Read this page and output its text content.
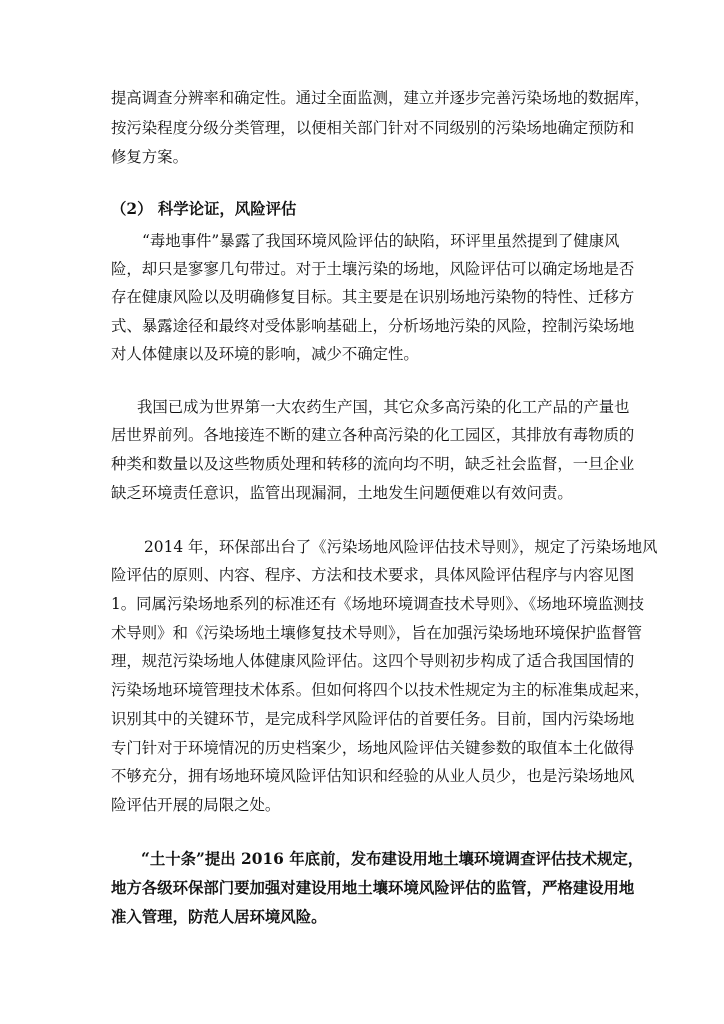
提高调查分辨率和确定性。通过全面监测，建立并逐步完善污染场地的数据库，
按污染程度分级分类管理，以便相关部门针对不同级别的污染场地确定预防和
修复方案。
（2） 科学论证，风险评估
“毒地事件”暴露了我国环境风险评估的缺陷，环评里虽然提到了健康风
险，却只是寥寥几句带过。对于土壤污染的场地，风险评估可以确定场地是否
存在健康风险以及明确修复目标。其主要是在识别场地污染物的特性、迁移方
式、暴露途径和最终对受体影响基础上，分析场地污染的风险，控制污染场地
对人体健康以及环境的影响，减少不确定性。
我国已成为世界第一大农药生产国，其它众多高污染的化工产品的产量也
居世界前列。各地接连不断的建立各种高污染的化工园区，其排放有毒物质的
种类和数量以及这些物质处理和转移的流向均不明，缺乏社会监督，一旦企业
缺乏环境责任意识，监管出现漏洞，土地发生问题便难以有效问责。
2014 年，环保部出台了《污染场地风险评估技术导则》，规定了污染场地风
险评估的原则、内容、程序、方法和技术要求，具体风险评估程序与内容见图
1。同属污染场地系列的标准还有《场地环境调查技术导则》、《场地环境监测技
术导则》和《污染场地土壤修复技术导则》，旨在加强污染场地环境保护监督管
理，规范污染场地人体健康风险评估。这四个导则初步构成了适合我国国情的
污染场地环境管理技术体系。但如何将四个以技术性规定为主的标准集成起来，
识别其中的关键环节，是完成科学风险评估的首要任务。目前，国内污染场地
专门针对于环境情况的历史档案少，场地风险评估关键参数的取值本土化做得
不够充分，拥有场地环境风险评估知识和经验的从业人员少，也是污染场地风
险评估开展的局限之处。
“土十条”提出 2016 年底前，发布建设用地土壤环境调查评估技术规定，
地方各级环保部门要加强对建设用地土壤环境风险评估的监管，严格建设用地
准入管理，防范人居环境风险。
